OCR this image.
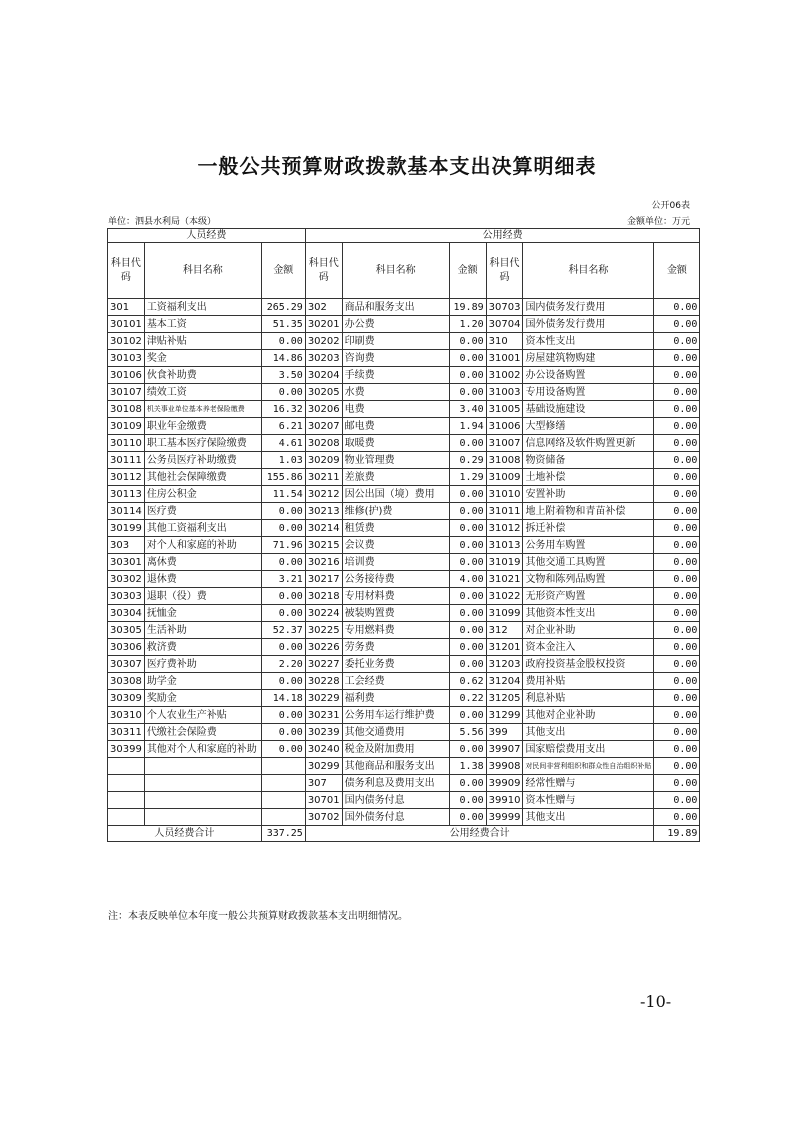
一般公共预算财政拨款基本支出决算明细表
公开06表
单位：泗县水利局（本级）	金额单位：万元
人员经费			公用经费					
科目代码	科目名称	金额	科目代码	科目名称	金额	科目代码	科目名称	金额
301	工资福利支出	265.29	302	商品和服务支出	19.89	30703	国内债务发行费用	0.00
30101	基本工资	51.35	30201	办公费	1.20	30704	国外债务发行费用	0.00
30102	津贴补贴	0.00	30202	印刷费	0.00	310	资本性支出	0.00
30103	奖金	14.86	30203	咨询费	0.00	31001	房屋建筑物购建	0.00
30106	伙食补助费	3.50	30204	手续费	0.00	31002	办公设备购置	0.00
30107	绩效工资	0.00	30205	水费	0.00	31003	专用设备购置	0.00
30108	机关事业单位基本养老保险缴费	16.32	30206	电费	3.40	31005	基础设施建设	0.00
30109	职业年金缴费	6.21	30207	邮电费	1.94	31006	大型修缮	0.00
30110	职工基本医疗保险缴费	4.61	30208	取暖费	0.00	31007	信息网络及软件购置更新	0.00
30111	公务员医疗补助缴费	1.03	30209	物业管理费	0.29	31008	物资储备	0.00
30112	其他社会保障缴费	155.86	30211	差旅费	1.29	31009	土地补偿	0.00
30113	住房公积金	11.54	30212	因公出国（境）费用	0.00	31010	安置补助	0.00
30114	医疗费	0.00	30213	维修(护)费	0.00	31011	地上附着物和青苗补偿	0.00
30199	其他工资福利支出	0.00	30214	租赁费	0.00	31012	拆迁补偿	0.00
303	对个人和家庭的补助	71.96	30215	会议费	0.00	31013	公务用车购置	0.00
30301	离休费	0.00	30216	培训费	0.00	31019	其他交通工具购置	0.00
30302	退休费	3.21	30217	公务接待费	4.00	31021	文物和陈列品购置	0.00
30303	退职（役）费	0.00	30218	专用材料费	0.00	31022	无形资产购置	0.00
30304	抚恤金	0.00	30224	被装购置费	0.00	31099	其他资本性支出	0.00
30305	生活补助	52.37	30225	专用燃料费	0.00	312	对企业补助	0.00
30306	救济费	0.00	30226	劳务费	0.00	31201	资本金注入	0.00
30307	医疗费补助	2.20	30227	委托业务费	0.00	31203	政府投资基金股权投资	0.00
30308	助学金	0.00	30228	工会经费	0.62	31204	费用补贴	0.00
30309	奖励金	14.18	30229	福利费	0.22	31205	利息补贴	0.00
30310	个人农业生产补贴	0.00	30231	公务用车运行维护费	0.00	31299	其他对企业补助	0.00
30311	代缴社会保险费	0.00	30239	其他交通费用	5.56	399	其他支出	0.00
30399	其他对个人和家庭的补助	0.00	30240	税金及附加费用	0.00	39907	国家赔偿费用支出	0.00
			30299	其他商品和服务支出	1.38	39908	对民间非营利组织和群众性自治组织补贴	0.00
			307	债务利息及费用支出	0.00	39909	经常性赠与	0.00
			30701	国内债务付息	0.00	39910	资本性赠与	0.00
			30702	国外债务付息	0.00	39999	其他支出	0.00
人员经费合计		337.25	公用经费合计					19.89
注：本表反映单位本年度一般公共预算财政拨款基本支出明细情况。
-10-
